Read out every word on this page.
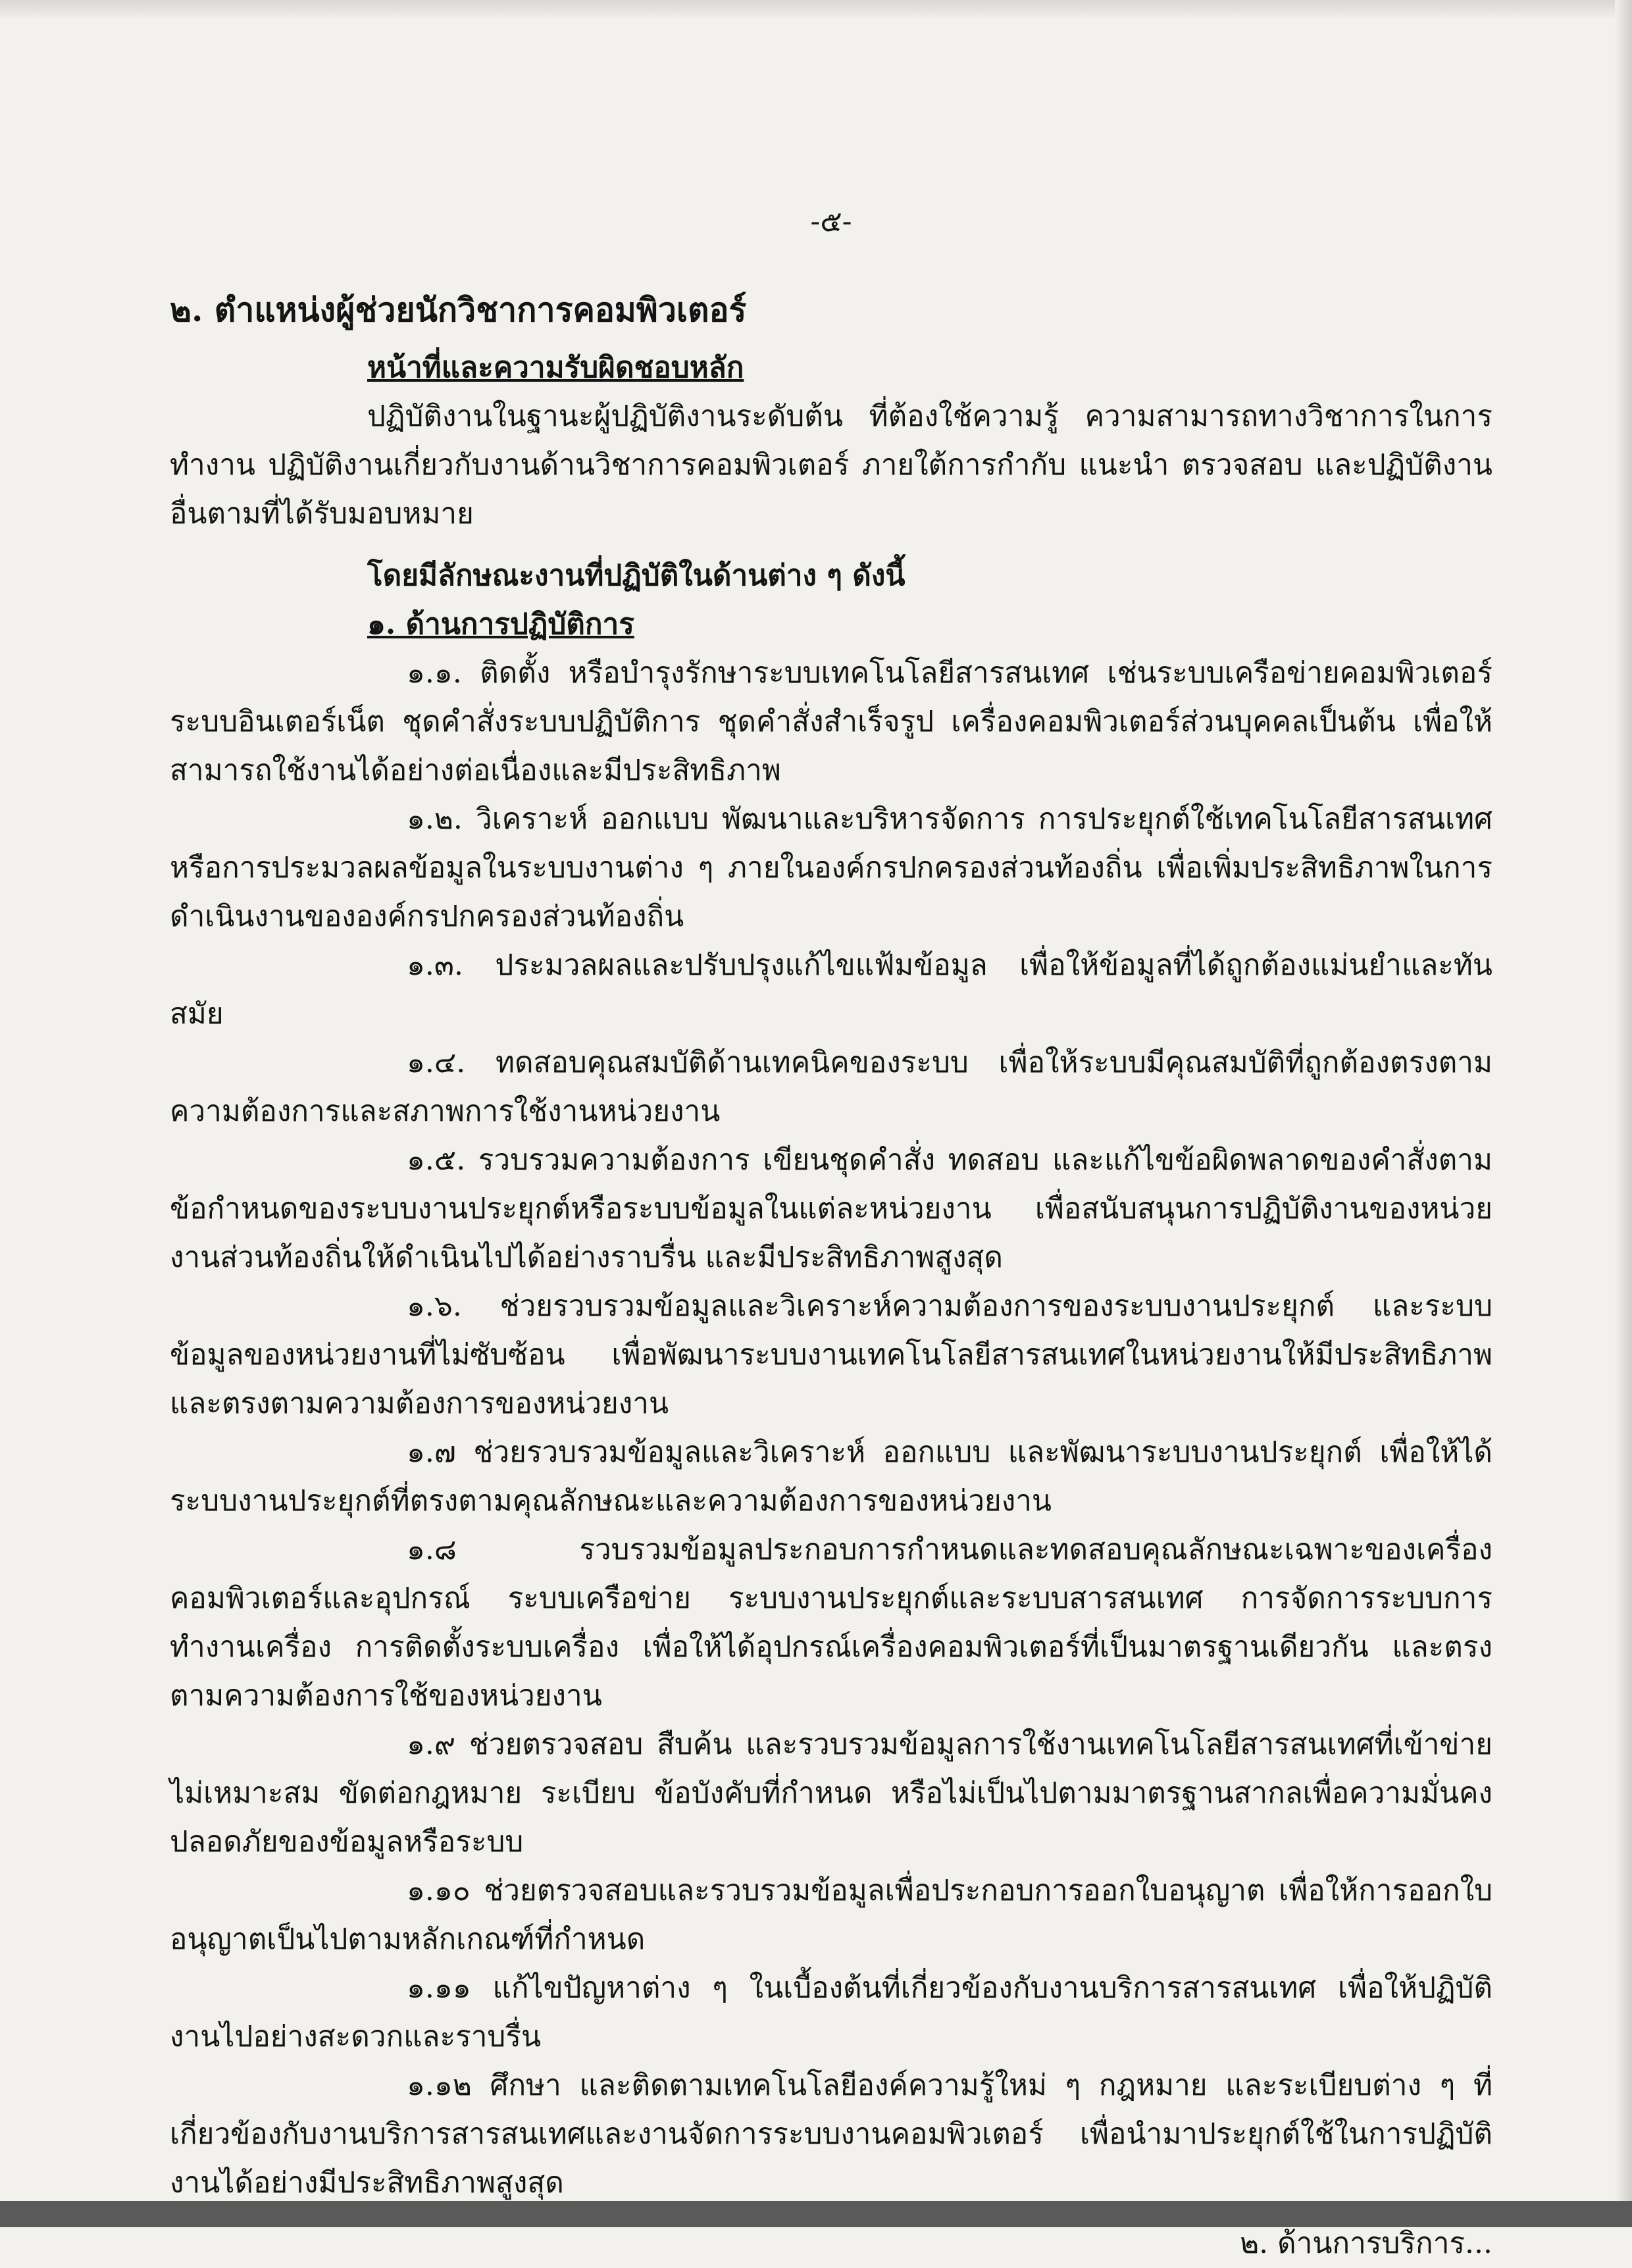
-๕-
๒. ตำแหน่งผู้ช่วยนักวิชาการคอมพิวเตอร์
หน้าที่และความรับผิดชอบหลัก

ปฏิบัติงานในฐานะผู้ปฏิบัติงานระดับต้น ที่ต้องใช้ความรู้ ความสามารถทางวิชาการในการทำงาน ปฏิบัติงานเกี่ยวกับงานด้านวิชาการคอมพิวเตอร์ ภายใต้การกำกับ แนะนำ ตรวจสอบ และปฏิบัติงานอื่นตามที่ได้รับมอบหมาย

โดยมีลักษณะงานที่ปฏิบัติในด้านต่าง ๆ ดังนี้
๑. ด้านการปฏิบัติการ

๑.๑. ติดตั้ง หรือบำรุงรักษาระบบเทคโนโลยีสารสนเทศ เช่นระบบเครือข่ายคอมพิวเตอร์ ระบบอินเตอร์เน็ต ชุดคำสั่งระบบปฏิบัติการ ชุดคำสั่งสำเร็จรูป เครื่องคอมพิวเตอร์ส่วนบุคคลเป็นต้น เพื่อให้สามารถใช้งานได้อย่างต่อเนื่องและมีประสิทธิภาพ

๑.๒. วิเคราะห์ ออกแบบ พัฒนาและบริหารจัดการ การประยุกต์ใช้เทคโนโลยีสารสนเทศหรือการประมวลผลข้อมูลในระบบงานต่าง ๆ ภายในองค์กรปกครองส่วนท้องถิ่น เพื่อเพิ่มประสิทธิภาพในการดำเนินงานขององค์กรปกครองส่วนท้องถิ่น

๑.๓. ประมวลผลและปรับปรุงแก้ไขแฟ้มข้อมูล เพื่อให้ข้อมูลที่ได้ถูกต้องแม่นยำและทันสมัย

๑.๔. ทดสอบคุณสมบัติด้านเทคนิคของระบบ เพื่อให้ระบบมีคุณสมบัติที่ถูกต้องตรงตามความต้องการและสภาพการใช้งานหน่วยงาน

๑.๕. รวบรวมความต้องการ เขียนชุดคำสั่ง ทดสอบ และแก้ไขข้อผิดพลาดของคำสั่งตามข้อกำหนดของระบบงานประยุกต์หรือระบบข้อมูลในแต่ละหน่วยงาน เพื่อสนับสนุนการปฏิบัติงานของหน่วยงานส่วนท้องถิ่นให้ดำเนินไปได้อย่างราบรื่น และมีประสิทธิภาพสูงสุด

๑.๖. ช่วยรวบรวมข้อมูลและวิเคราะห์ความต้องการของระบบงานประยุกต์ และระบบข้อมูลของหน่วยงานที่ไม่ซับซ้อน เพื่อพัฒนาระบบงานเทคโนโลยีสารสนเทศในหน่วยงานให้มีประสิทธิภาพและตรงตามความต้องการของหน่วยงาน

๑.๗ ช่วยรวบรวมข้อมูลและวิเคราะห์ ออกแบบ และพัฒนาระบบงานประยุกต์ เพื่อให้ได้ระบบงานประยุกต์ที่ตรงตามคุณลักษณะและความต้องการของหน่วยงาน

๑.๘ รวบรวมข้อมูลประกอบการกำหนดและทดสอบคุณลักษณะเฉพาะของเครื่องคอมพิวเตอร์และอุปกรณ์ ระบบเครือข่าย ระบบงานประยุกต์และระบบสารสนเทศ การจัดการระบบการทำงานเครื่อง การติดตั้งระบบเครื่อง เพื่อให้ได้อุปกรณ์เครื่องคอมพิวเตอร์ที่เป็นมาตรฐานเดียวกัน และตรงตามความต้องการใช้ของหน่วยงาน

๑.๙ ช่วยตรวจสอบ สืบค้น และรวบรวมข้อมูลการใช้งานเทคโนโลยีสารสนเทศที่เข้าข่ายไม่เหมาะสม ขัดต่อกฎหมาย ระเบียบ ข้อบังคับที่กำหนด หรือไม่เป็นไปตามมาตรฐานสากลเพื่อความมั่นคงปลอดภัยของข้อมูลหรือระบบ

๑.๑๐ ช่วยตรวจสอบและรวบรวมข้อมูลเพื่อประกอบการออกใบอนุญาต เพื่อให้การออกใบอนุญาตเป็นไปตามหลักเกณฑ์ที่กำหนด

๑.๑๑ แก้ไขปัญหาต่าง ๆ ในเบื้องต้นที่เกี่ยวข้องกับงานบริการสารสนเทศ เพื่อให้ปฏิบัติงานไปอย่างสะดวกและราบรื่น

๑.๑๒ ศึกษา และติดตามเทคโนโลยีองค์ความรู้ใหม่ ๆ กฎหมาย และระเบียบต่าง ๆ ที่เกี่ยวข้องกับงานบริการสารสนเทศและงานจัดการระบบงานคอมพิวเตอร์ เพื่อนำมาประยุกต์ใช้ในการปฏิบัติงานได้อย่างมีประสิทธิภาพสูงสุด

๒. ด้านการบริการ...
